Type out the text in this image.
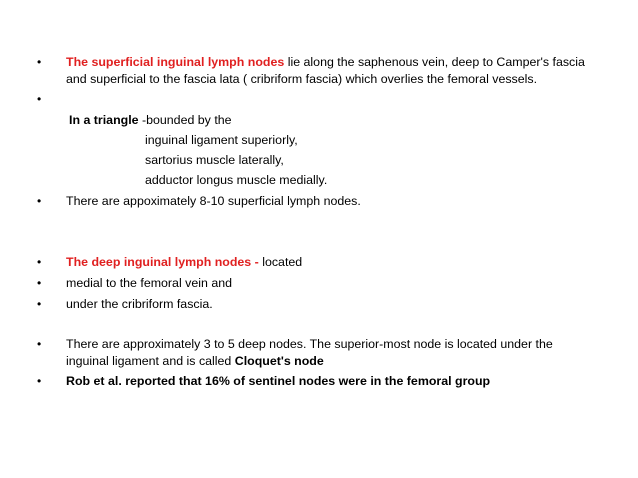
•	The superficial inguinal lymph nodes lie along the saphenous vein, deep to Camper's fascia
and superficial to the fascia lata ( cribriform fascia) which overlies the femoral vessels.
•
In a triangle -bounded by the
inguinal ligament superiorly,
sartorius muscle laterally,
adductor longus muscle medially.
•	There are appoximately 8-10 superficial lymph nodes.
•	The deep inguinal lymph nodes - located
•	medial to the femoral vein and
•	under the cribriform fascia.
•	There are approximately 3 to 5 deep nodes. The superior-most node is located under the
inguinal ligament and is called Cloquet's node
•	Rob et al. reported that 16% of sentinel nodes were in the femoral group
